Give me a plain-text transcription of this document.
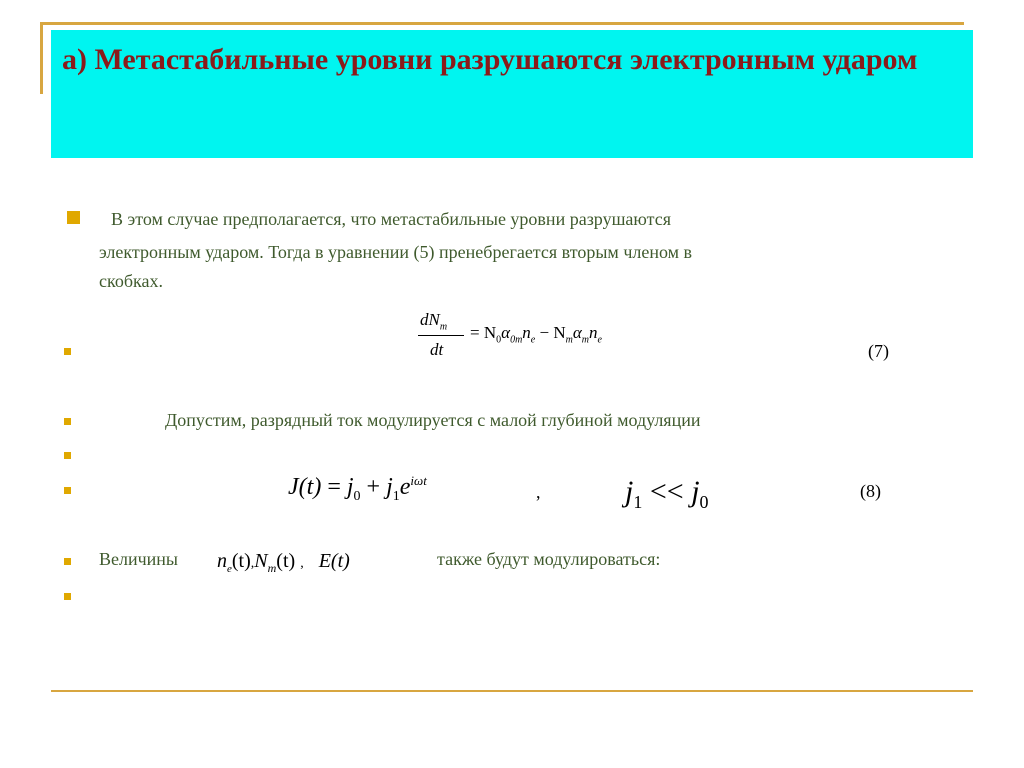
а) Метастабильные уровни разрушаются электронным ударом
В этом случае предполагается, что метастабильные уровни разрушаются
электронным ударом. Тогда в уравнении (5) пренебрегается вторым членом в
скобках.
$dN_m$
dt
= $N_0\alpha_{0m}n_e - N_m\alpha_mn_e$
(7)
Допустим, разрядный ток модулируется с малой глубиной модуляции
$J(t) = j_0 + j_1e^{i\omega t}$
,	$j_1 << j_0$
(8)
Величины $n_e(t),N_m(t)$ , E(t)	также будут модулироваться:
